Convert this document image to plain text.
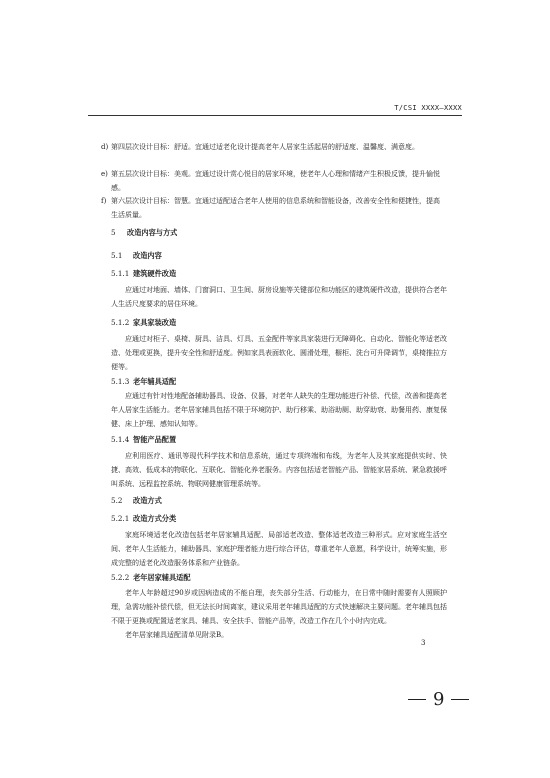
T/CSI XXXX—XXXX
d) 第四层次设计目标：舒适。宜通过适老化设计提高老年人居家生活起居的舒适度、温馨度、满意度。
e) 第五层次设计目标：美观。宜通过设计赏心悦目的居家环境，使老年人心理和情绪产生积极反馈，提升愉悦感。
f) 第六层次设计目标：智慧。宜通过适配适合老年人使用的信息系统和智能设备，改善安全性和便捷性，提高生活质量。
5 改造内容与方式
5.1 改造内容
5.1.1 建筑硬件改造
应通过对地面、墙体、门窗洞口、卫生间、厨房设施等关键部位和功能区的建筑硬件改造，提供符合老年人生活尺度要求的居住环境。
5.1.2 家具家装改造
应通过对柜子、桌椅、厨具、洁具、灯具、五金配件等家具家装进行无障碍化、自动化、智能化等适老改造、处理或更换，提升安全性和舒适度。例如家具表面软化、圆滑处理，橱柜、洗台可升降调节，桌椅推拉方便等。
5.1.3 老年辅具适配
应通过有针对性地配备辅助器具、设备、仪器，对老年人缺失的生理功能进行补偿、代偿，改善和提高老年人居家生活能力。老年居家辅具包括不限于环境防护、助行移乘、助浴助厕、助穿助衰、助餐用药、康复保健、床上护理、感知认知等。
5.1.4 智能产品配置
应利用医疗、通讯等现代科学技术和信息系统，通过专项终端和布线，为老年人及其家庭提供实时、快捷、高效、低成本的物联化、互联化、智能化养老服务。内容包括适老智能产品、智能家居系统、紧急救援呼叫系统、远程监控系统、物联网健康管理系统等。
5.2 改造方式
5.2.1 改造方式分类
家庭环境适老化改造包括老年居家辅具适配、局部适老改造、整体适老改造三种形式。应对家庭生活空间、老年人生活能力，辅助器具、家庭护理者能力进行综合评估，尊重老年人意愿，科学设计，统筹实施，形成完整的适老化改造服务体系和产业链条。
5.2.2 老年居家辅具适配
老年人年龄超过90岁或因病造成的不能自理，丧失部分生活、行动能力，在日常中随时需要有人照顾护理，急需功能补偿代偿，但无法长时间离家，建议采用老年辅具适配的方式快速解决主要问题。老年辅具包括不限于更换或配置适老家具、辅具、安全扶手、智能产品等，改造工作在几个小时内完成。
老年居家辅具适配清单见附录B。
3
9
